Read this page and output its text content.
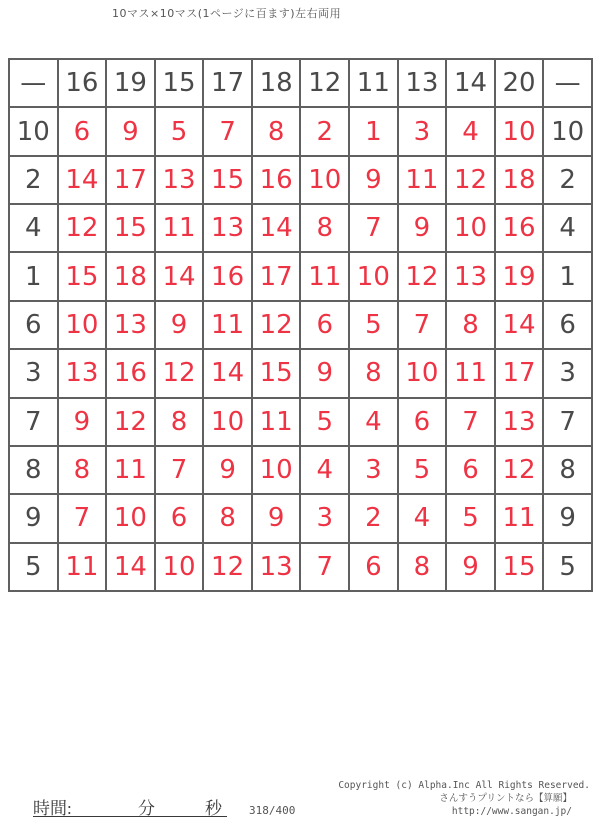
10マス×10マス(1ページに百ます)左右両用
—	16	19	15	17	18	12	11	13	14	20	—
10	6	9	5	7	8	2	1	3	4	10	10
2	14	17	13	15	16	10	9	11	12	18	2
4	12	15	11	13	14	8	7	9	10	16	4
1	15	18	14	16	17	11	10	12	13	19	1
6	10	13	9	11	12	6	5	7	8	14	6
3	13	16	12	14	15	9	8	10	11	17	3
7	9	12	8	10	11	5	4	6	7	13	7
8	8	11	7	9	10	4	3	5	6	12	8
9	7	10	6	8	9	3	2	4	5	11	9
5	11	14	10	12	13	7	6	8	9	15	5
時間:	分	秒 318/400
Copyright (c) Alpha.Inc All Rights Reserved.
さんすうプリントなら【算願】
http://www.sangan.jp/
